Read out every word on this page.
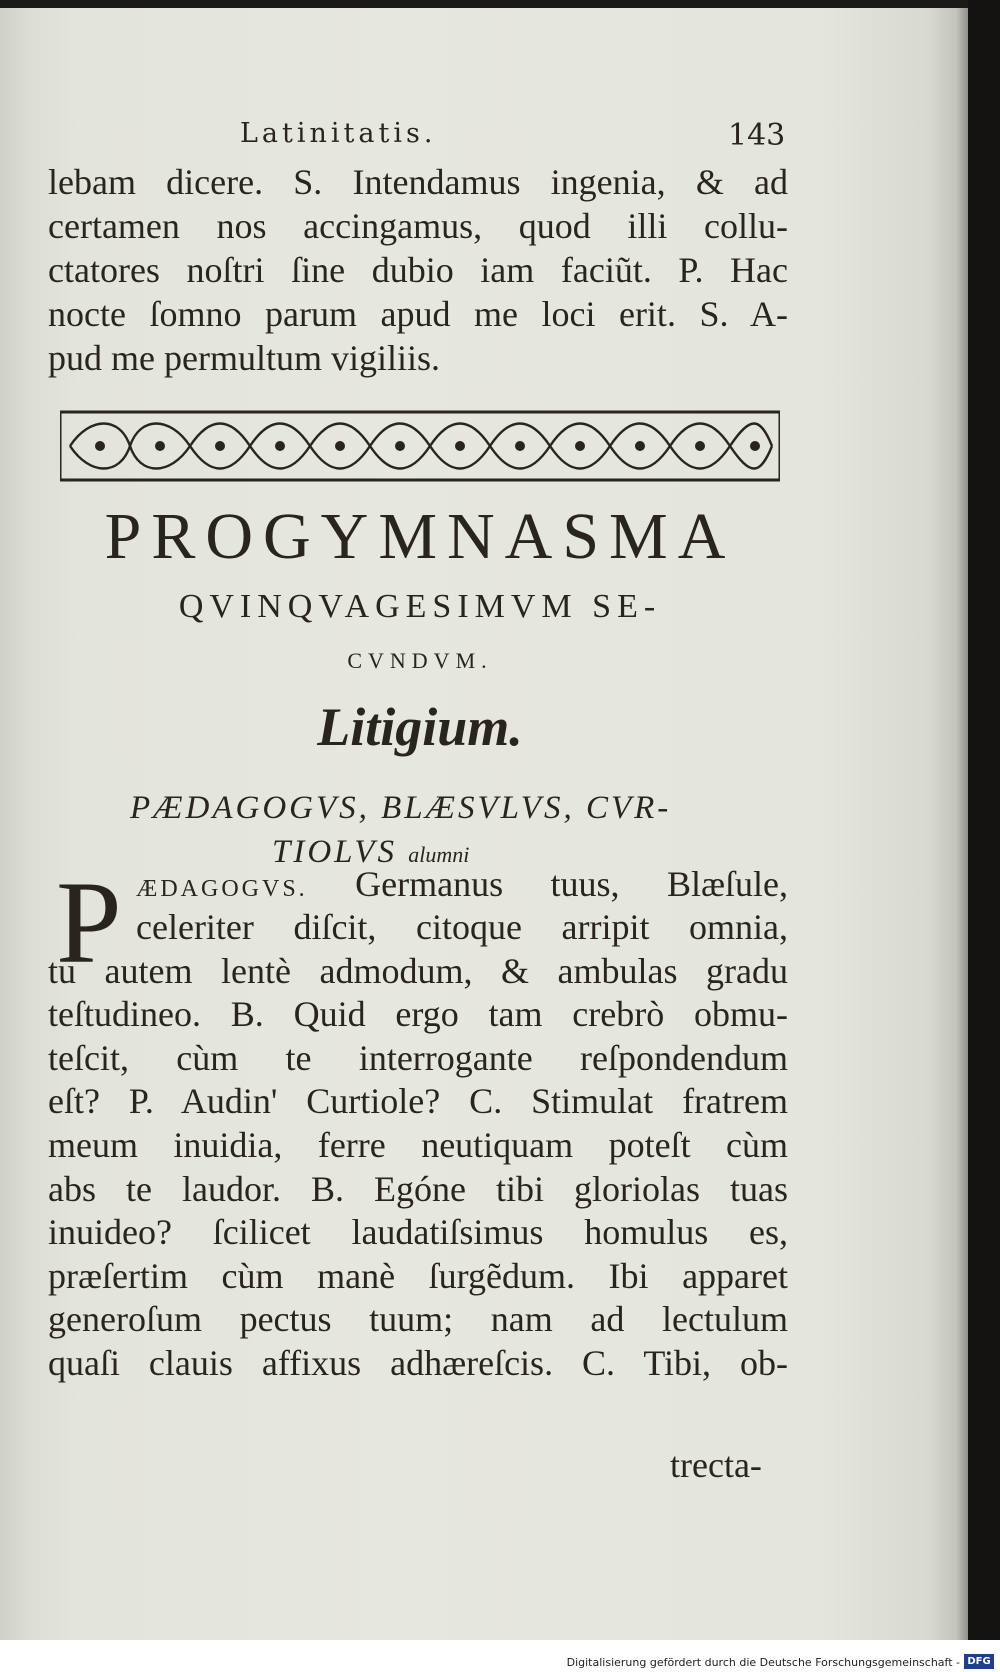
Latinitatis.	143
lebam dicere. S. Intendamus ingenia, & ad
certamen nos accingamus, quod illi collu-
ctatores noſtri ſine dubio iam faciũt. P. Hac
nocte ſomno parum apud me loci erit. S. A-
pud me permultum vigiliis.
PROGYMNASMA
QVINQVAGESIMVM SE-
CVNDVM.
Litigium.
PÆDAGOGVS, BLÆSVLVS, CVR-
TIOLVS alumni
P ÆDAGOGVS. Germanus tuus, Blæſule,
celeriter diſcit, citoque arripit omnia,
tu autem lentè admodum, & ambulas gradu
teſtudineo. B. Quid ergo tam crebrò obmu-
teſcit, cùm te interrogante reſpondendum
eſt? P. Audin' Curtiole? C. Stimulat fratrem
meum inuidia, ferre neutiquam poteſt cùm
abs te laudor. B. Egóne tibi gloriolas tuas
inuideo? ſcilicet laudatiſsimus homulus es,
præſertim cùm manè ſurgẽdum. Ibi apparet
generoſum pectus tuum; nam ad lectulum
quaſi clauis affixus adhæreſcis. C. Tibi, ob-
trecta-
Digitalisierung gefördert durch die Deutsche Forschungsgemeinschaft - DFG
